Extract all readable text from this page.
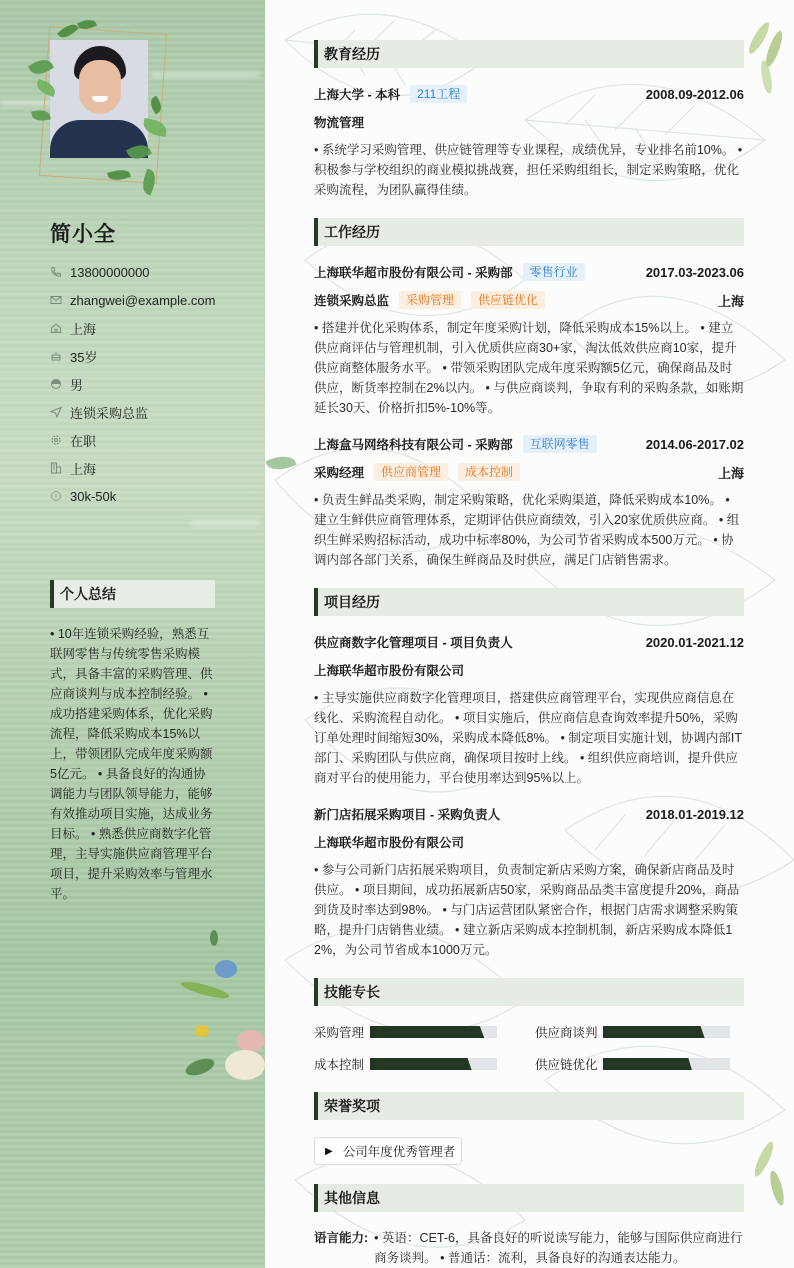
简小全
13800000000
zhangwei@example.com
上海
35岁
男
连锁采购总监
在职
上海
30k-50k
个人总结
• 10年连锁采购经验，熟悉互联网零售与传统零售采购模式，具备丰富的采购管理、供应商谈判与成本控制经验。 • 成功搭建采购体系，优化采购流程，降低采购成本15%以上，带领团队完成年度采购额5亿元。 • 具备良好的沟通协调能力与团队领导能力，能够有效推动项目实施，达成业务目标。 • 熟悉供应商数字化管理，主导实施供应商管理平台项目，提升采购效率与管理水平。
教育经历
上海大学 - 本科	211工程	2008.09-2012.06
物流管理
• 系统学习采购管理、供应链管理等专业课程，成绩优异，专业排名前10%。 • 积极参与学校组织的商业模拟挑战赛，担任采购组组长，制定采购策略，优化采购流程，为团队赢得佳绩。
工作经历
上海联华超市股份有限公司 - 采购部	零售行业	2017.03-2023.06
连锁采购总监	采购管理	供应链优化	上海
• 搭建并优化采购体系，制定年度采购计划，降低采购成本15%以上。 • 建立供应商评估与管理机制，引入优质供应商30+家，淘汰低效供应商10家，提升供应商整体服务水平。 • 带领采购团队完成年度采购额5亿元，确保商品及时供应，断货率控制在2%以内。 • 与供应商谈判，争取有利的采购条款，如账期延长30天、价格折扣5%-10%等。
上海盒马网络科技有限公司 - 采购部	互联网零售	2014.06-2017.02
采购经理	供应商管理	成本控制	上海
• 负责生鲜品类采购，制定采购策略，优化采购渠道，降低采购成本10%。 • 建立生鲜供应商管理体系，定期评估供应商绩效，引入20家优质供应商。 • 组织生鲜采购招标活动，成功中标率80%，为公司节省采购成本500万元。 • 协调内部各部门关系，确保生鲜商品及时供应，满足门店销售需求。
项目经历
供应商数字化管理项目 - 项目负责人	2020.01-2021.12
上海联华超市股份有限公司
• 主导实施供应商数字化管理项目，搭建供应商管理平台，实现供应商信息在线化、采购流程自动化。 • 项目实施后，供应商信息查询效率提升50%，采购订单处理时间缩短30%，采购成本降低8%。 • 制定项目实施计划，协调内部IT部门、采购团队与供应商，确保项目按时上线。 • 组织供应商培训，提升供应商对平台的使用能力，平台使用率达到95%以上。
新门店拓展采购项目 - 采购负责人	2018.01-2019.12
上海联华超市股份有限公司
• 参与公司新门店拓展采购项目，负责制定新店采购方案，确保新店商品及时供应。 • 项目期间，成功拓展新店50家，采购商品品类丰富度提升20%，商品到货及时率达到98%。 • 与门店运营团队紧密合作，根据门店需求调整采购策略，提升门店销售业绩。 • 建立新店采购成本控制机制，新店采购成本降低12%，为公司节省成本1000万元。
技能专长
采购管理	供应商谈判
成本控制	供应链优化
荣誉奖项
▶ 公司年度优秀管理者
其他信息
语言能力: • 英语：CET-6，具备良好的听说读写能力，能够与国际供应商进行商务谈判。 • 普通话：流利，具备良好的沟通表达能力。
